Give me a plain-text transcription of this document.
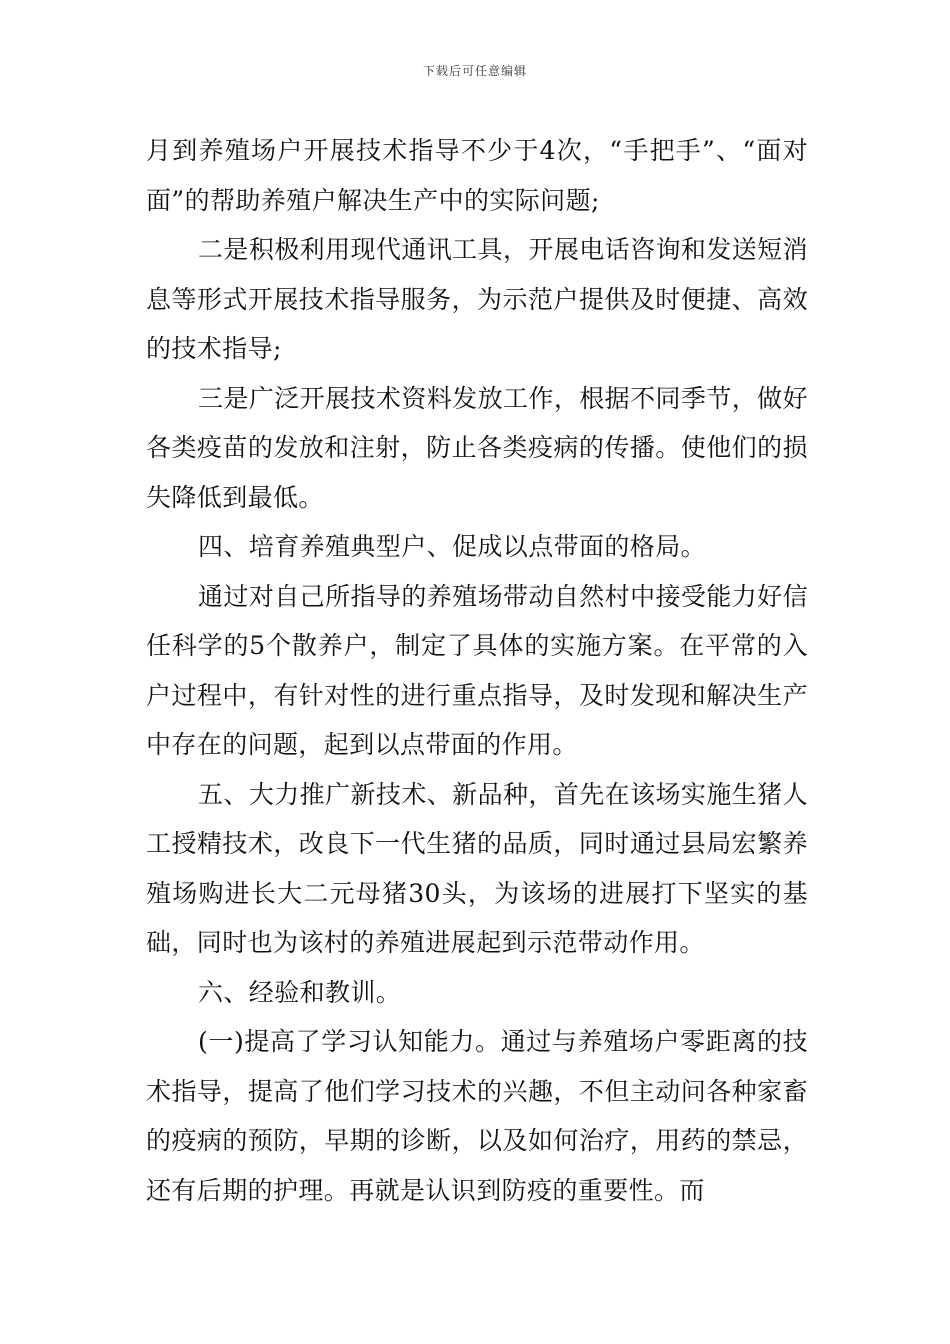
下载后可任意编辑

月到养殖场户开展技术指导不少于4次，“手把手”、“面对面”的帮助养殖户解决生产中的实际问题;

二是积极利用现代通讯工具，开展电话咨询和发送短消息等形式开展技术指导服务，为示范户提供及时便捷、高效的技术指导;

三是广泛开展技术资料发放工作，根据不同季节，做好各类疫苗的发放和注射，防止各类疫病的传播。使他们的损失降低到最低。

四、培育养殖典型户、促成以点带面的格局。

通过对自己所指导的养殖场带动自然村中接受能力好信任科学的5个散养户，制定了具体的实施方案。在平常的入户过程中，有针对性的进行重点指导，及时发现和解决生产中存在的问题，起到以点带面的作用。

五、大力推广新技术、新品种，首先在该场实施生猪人工授精技术，改良下一代生猪的品质，同时通过县局宏繁养殖场购进长大二元母猪30头，为该场的进展打下坚实的基础，同时也为该村的养殖进展起到示范带动作用。

六、经验和教训。

(一)提高了学习认知能力。通过与养殖场户零距离的技术指导，提高了他们学习技术的兴趣，不但主动问各种家畜的疫病的预防，早期的诊断，以及如何治疗，用药的禁忌，还有后期的护理。再就是认识到防疫的重要性。而
